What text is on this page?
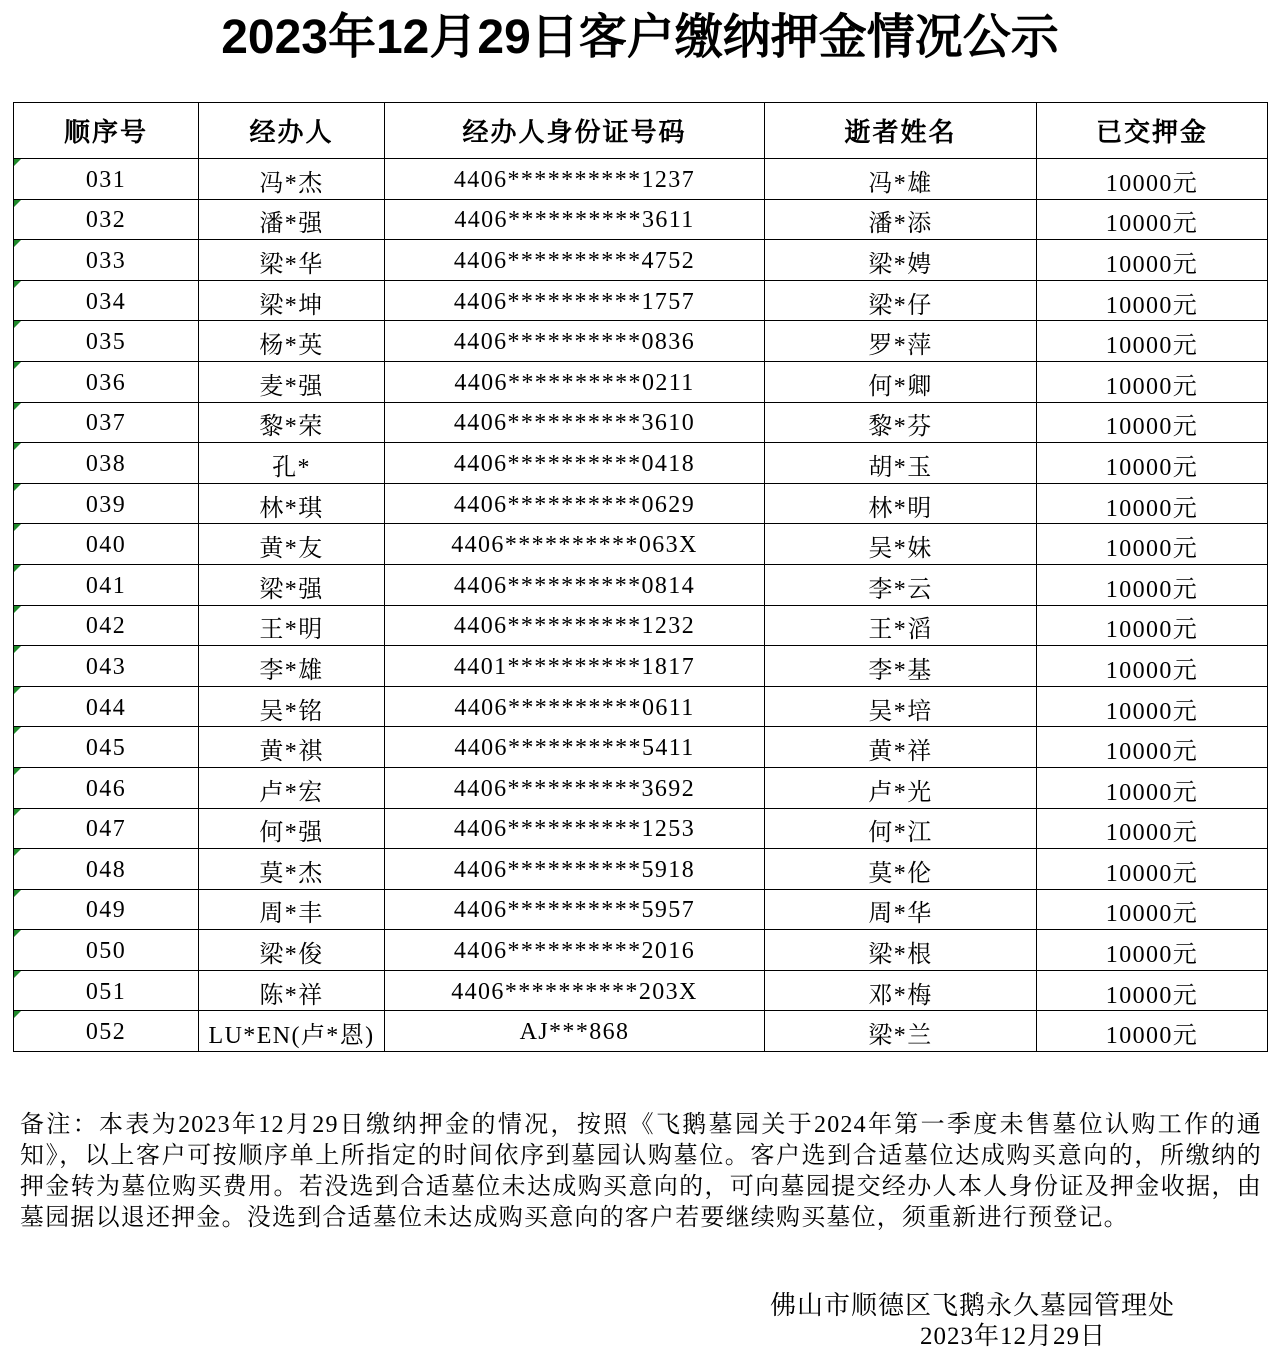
2023年12月29日客户缴纳押金情况公示
顺序号	经办人	经办人身份证号码	逝者姓名	已交押金
031	冯*杰	4406**********1237	冯*雄	10000元
032	潘*强	4406**********3611	潘*添	10000元
033	梁*华	4406**********4752	梁*娉	10000元
034	梁*坤	4406**********1757	梁*仔	10000元
035	杨*英	4406**********0836	罗*萍	10000元
036	麦*强	4406**********0211	何*卿	10000元
037	黎*荣	4406**********3610	黎*芬	10000元
038	孔*	4406**********0418	胡*玉	10000元
039	林*琪	4406**********0629	林*明	10000元
040	黄*友	4406**********063X	吴*妹	10000元
041	梁*强	4406**********0814	李*云	10000元
042	王*明	4406**********1232	王*滔	10000元
043	李*雄	4401**********1817	李*基	10000元
044	吴*铭	4406**********0611	吴*培	10000元
045	黄*祺	4406**********5411	黄*祥	10000元
046	卢*宏	4406**********3692	卢*光	10000元
047	何*强	4406**********1253	何*江	10000元
048	莫*杰	4406**********5918	莫*伦	10000元
049	周*丰	4406**********5957	周*华	10000元
050	梁*俊	4406**********2016	梁*根	10000元
051	陈*祥	4406**********203X	邓*梅	10000元
052	LU*EN(卢*恩)	AJ***868	梁*兰	10000元

备注：本表为2023年12月29日缴纳押金的情况，按照《飞鹅墓园关于2024年第一季度未售墓位认购工作的通知》，以上客户可按顺序单上所指定的时间依序到墓园认购墓位。客户选到合适墓位达成购买意向的，所缴纳的押金转为墓位购买费用。若没选到合适墓位未达成购买意向的，可向墓园提交经办人本人身份证及押金收据，由墓园据以退还押金。没选到合适墓位未达成购买意向的客户若要继续购买墓位，须重新进行预登记。

佛山市顺德区飞鹅永久墓园管理处
2023年12月29日
